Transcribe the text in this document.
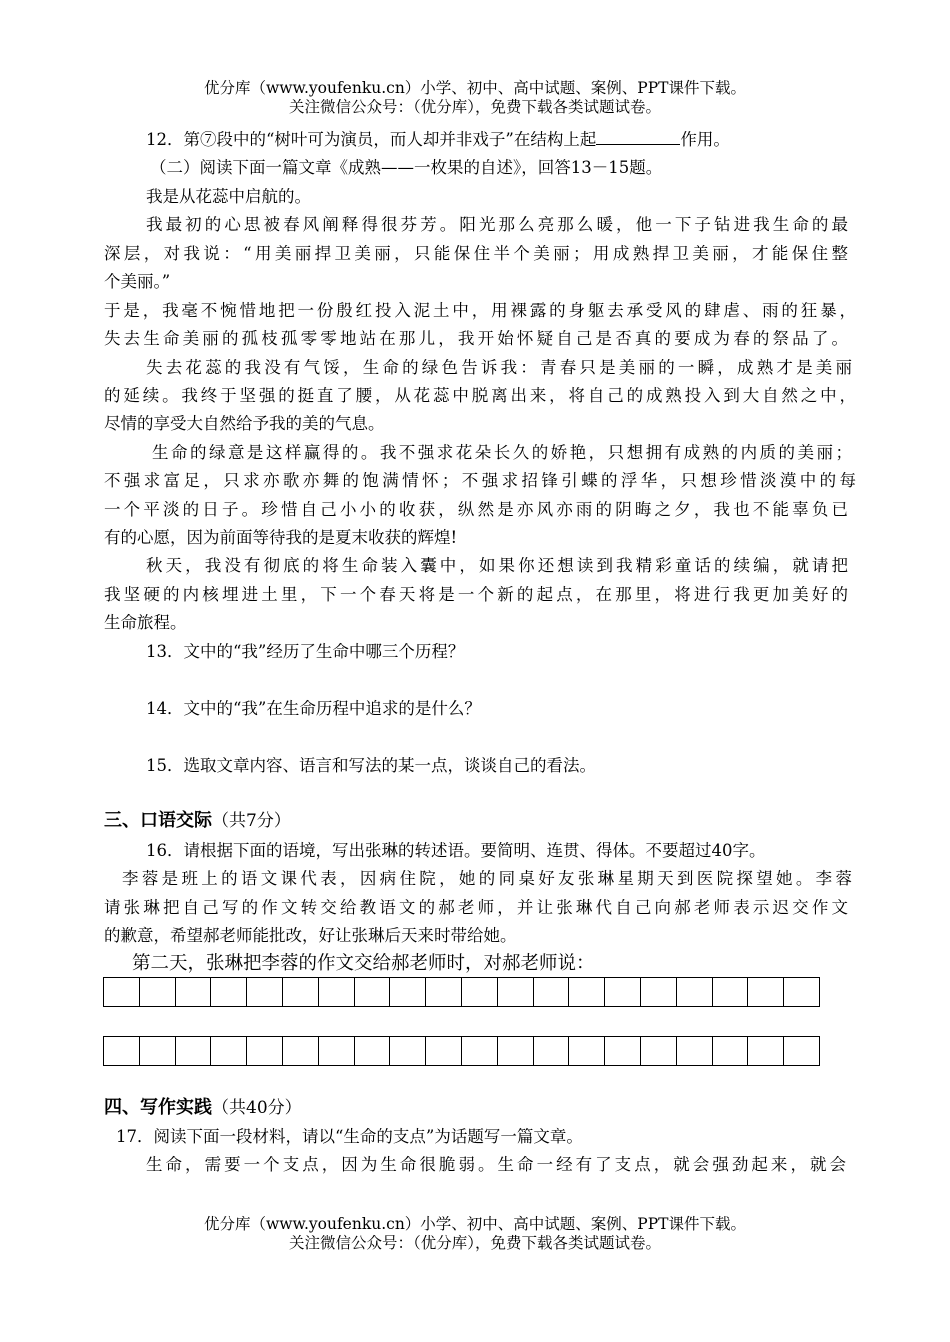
优分库（www.youfenku.cn）小学、初中、高中试题、案例、PPT课件下载。
关注微信公众号：（优分库），免费下载各类试题试卷。
12．第⑦段中的“树叶可为演员，而人却并非戏子”在结构上起	作用。
（二）阅读下面一篇文章《成熟——一枚果的自述》，回答13－15题。
我是从花蕊中启航的。
我最初的心思被春风阐释得很芬芳。阳光那么亮那么暖，他一下子钻进我生命的最
深层，对我说：“用美丽捍卫美丽，只能保住半个美丽；用成熟捍卫美丽，才能保住整
个美丽。”
于是，我毫不惋惜地把一份殷红投入泥土中，用裸露的身躯去承受风的肆虐、雨的狂暴，
失去生命美丽的孤枝孤零零地站在那儿，我开始怀疑自己是否真的要成为春的祭品了。
失去花蕊的我没有气馁，生命的绿色告诉我：青春只是美丽的一瞬，成熟才是美丽
的延续。我终于坚强的挺直了腰，从花蕊中脱离出来，将自己的成熟投入到大自然之中，
尽情的享受大自然给予我的美的气息。
生命的绿意是这样赢得的。我不强求花朵长久的娇艳，只想拥有成熟的内质的美丽；
不强求富足，只求亦歌亦舞的饱满情怀；不强求招锋引蝶的浮华，只想珍惜淡漠中的每
一个平淡的日子。珍惜自己小小的收获，纵然是亦风亦雨的阴晦之夕，我也不能辜负已
有的心愿，因为前面等待我的是夏末收获的辉煌!
秋天，我没有彻底的将生命装入囊中，如果你还想读到我精彩童话的续编，就请把
我坚硬的内核埋进土里，下一个春天将是一个新的起点，在那里，将进行我更加美好的
生命旅程。
13．文中的“我”经历了生命中哪三个历程？
14．文中的“我”在生命历程中追求的是什么？
15．选取文章内容、语言和写法的某一点，谈谈自己的看法。
三、口语交际（共7分）
16．请根据下面的语境，写出张琳的转述语。要简明、连贯、得体。不要超过40字。
李蓉是班上的语文课代表，因病住院，她的同桌好友张琳星期天到医院探望她。李蓉
请张琳把自己写的作文转交给教语文的郝老师，并让张琳代自己向郝老师表示迟交作文
的歉意，希望郝老师能批改，好让张琳后天来时带给她。
第二天，张琳把李蓉的作文交给郝老师时，对郝老师说：
四、写作实践（共40分）
17．阅读下面一段材料，请以“生命的支点”为话题写一篇文章。
生命，需要一个支点，因为生命很脆弱。生命一经有了支点，就会强劲起来，就会
优分库（www.youfenku.cn）小学、初中、高中试题、案例、PPT课件下载。
关注微信公众号：（优分库），免费下载各类试题试卷。
